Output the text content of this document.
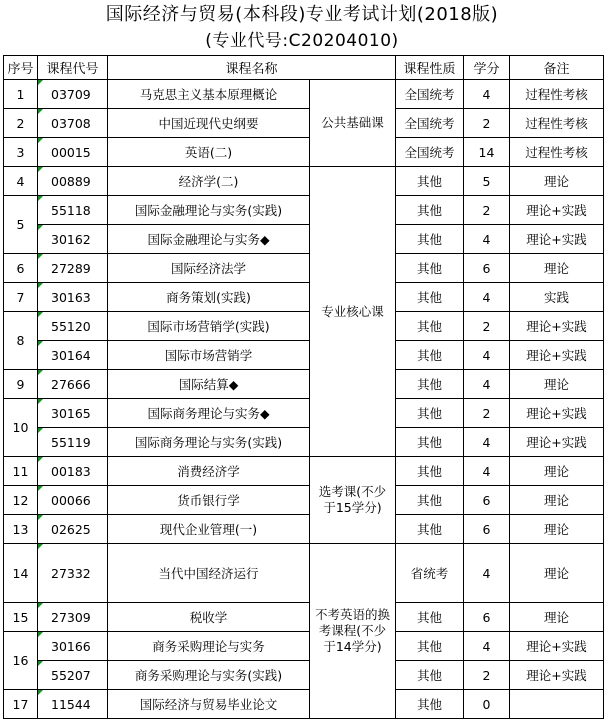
国际经济与贸易(本科段)专业考试计划(2018版)
(专业代号:C20204010)
序号	课程代号	课程名称		课程性质	学分	备注
1	03709	马克思主义基本原理概论	公共基础课	全国统考	4	过程性考核
2	03708	中国近现代史纲要		全国统考	2	过程性考核
3	00015	英语(二)		全国统考	14	过程性考核
4	00889	经济学(二)	专业核心课	其他	5	理论
5	55118	国际金融理论与实务(实践)		其他	2	理论+实践
	30162	国际金融理论与实务◆		其他	4	理论+实践
6	27289	国际经济法学		其他	6	理论
7	30163	商务策划(实践)		其他	4	实践
8	55120	国际市场营销学(实践)		其他	2	理论+实践
	30164	国际市场营销学		其他	4	理论+实践
9	27666	国际结算◆		其他	4	理论
10	30165	国际商务理论与实务◆		其他	2	理论+实践
	55119	国际商务理论与实务(实践)		其他	4	理论+实践
11	00183	消费经济学	选考课(不少于15学分)	其他	4	理论
12	00066	货币银行学		其他	6	理论
13	02625	现代企业管理(一)		其他	6	理论
14	27332	当代中国经济运行	不考英语的换考课程(不少于14学分)	省统考	4	理论
15	27309	税收学		其他	6	理论
16	30166	商务采购理论与实务		其他	4	理论+实践
	55207	商务采购理论与实务(实践)		其他	2	理论+实践
17	11544	国际经济与贸易毕业论文		其他	0	
